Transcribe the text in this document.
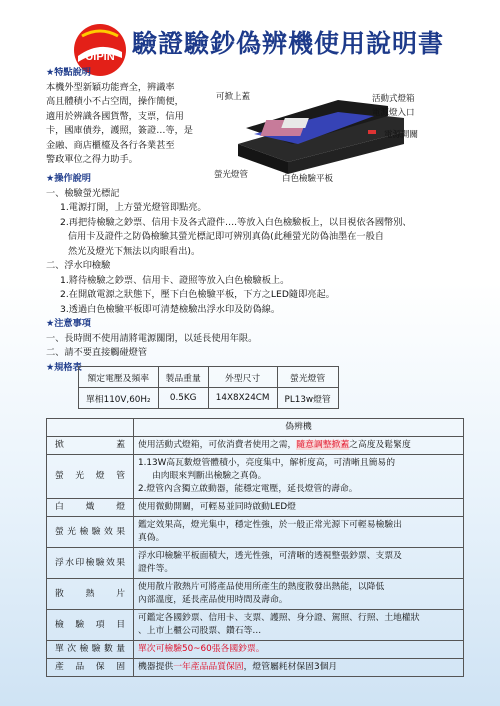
UIPIN 驗證驗鈔偽辨機使用說明書
★特點說明
本機外型新穎功能齊全，辨識率
高且體積小不占空間，操作簡便，
適用於辨識各國貨幣，支票，信用
卡，國庫債券，護照，簽證…等，是
金融、商店櫃檯及各行各業甚至
警政單位之得力助手。
可掀上蓋	活動式燈箱
電源燈入口
電源開關
螢光燈管	白色檢驗平板
★操作說明
一、檢驗螢光標記
1.電源打開，上方螢光燈管即點亮。
2.再把待檢驗之鈔票、信用卡及各式證件….等放入白色檢驗板上，以目視依各國幣別、
信用卡及證件之防偽檢驗其螢光標記即可辨別真偽(此種螢光防偽油墨在一般自
然光及燈光下無法以肉眼看出)。
二、浮水印檢驗
1.將待檢驗之鈔票、信用卡、證照等放入白色檢驗板上。
2.在開啟電源之狀態下，壓下白色檢驗平板，下方之LED隨即亮起。
3.透過白色檢驗平板即可清楚檢驗出浮水印及防偽線。
★注意事項
一、長時間不使用請將電源關閉，以延長使用年限。
二、請不要直接觸碰燈管
★規格表
額定電壓及頻率	製品重量	外型尺寸	螢光燈管
單相110V,60H₂	0.5KG	14X8X24CM	PL13w燈管
	偽辨機
掀蓋	使用活動式燈箱，可依消費者使用之需，隨意調整掀蓋之高度及鬆緊度
螢光燈管	1.13W高瓦數燈管體積小，亮度集中，解析度高，可清晰且簡易的
由肉眼來判斷出檢驗之真偽。
2.燈管內含獨立啟動器，能穩定電壓，延長燈管的壽命。

白熾燈	使用微動開關，可輕易並同時啟動LED燈
螢光檢驗效果	鑑定效果高，燈光集中，穩定性強，於一般正常光源下可輕易檢驗出
真偽。

浮水印檢驗效果	浮水印檢驗平板面積大，透光性強，可清晰的透視整張鈔票、支票及
證件等。

散熱片	使用散片散熱片可將產品使用所產生的熱度散發出熱能，以降低
內部溫度，延長產品使用時間及壽命。

檢驗項目	可鑑定各國鈔票、信用卡、支票、護照、身分證、駕照、行照、土地權狀
、上市上櫃公司股票、鑽石等…

單次檢驗數量	單次可檢驗50~60張各國鈔票。
產品保固	機器提供一年產品品質保固，燈管屬耗材保固3個月
